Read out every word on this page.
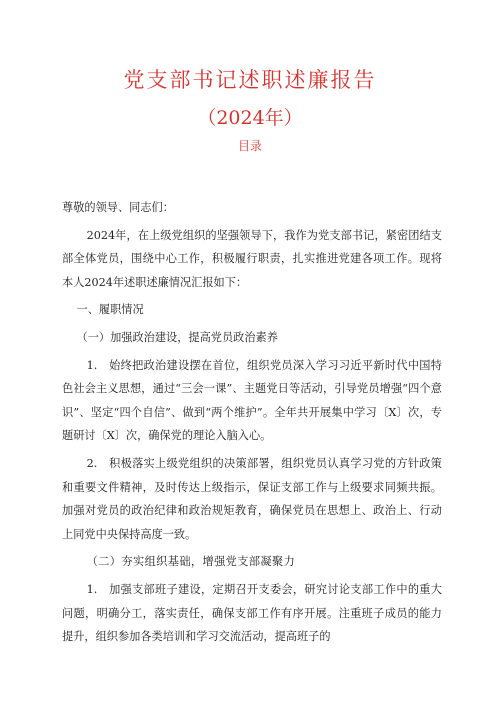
党支部书记述职述廉报告
（2024年）
目录

尊敬的领导、同志们：

2024年，在上级党组织的坚强领导下，我作为党支部书记，紧密团结支部全体党员，围绕中心工作，积极履行职责，扎实推进党建各项工作。现将本人2024年述职述廉情况汇报如下：

一、履职情况

（一）加强政治建设，提高党员政治素养

1.　始终把政治建设摆在首位，组织党员深入学习习近平新时代中国特色社会主义思想，通过“三会一课”、主题党日等活动，引导党员增强“四个意识”、坚定“四个自信”、做到“两个维护”。全年共开展集中学习〔X〕次，专题研讨〔X〕次，确保党的理论入脑入心。

2.　积极落实上级党组织的决策部署，组织党员认真学习党的方针政策和重要文件精神，及时传达上级指示，保证支部工作与上级要求同频共振。加强对党员的政治纪律和政治规矩教育，确保党员在思想上、政治上、行动上同党中央保持高度一致。

（二）夯实组织基础，增强党支部凝聚力

1.　加强支部班子建设，定期召开支委会，研究讨论支部工作中的重大问题，明确分工，落实责任，确保支部工作有序开展。注重班子成员的能力提升，组织参加各类培训和学习交流活动，提高班子的
